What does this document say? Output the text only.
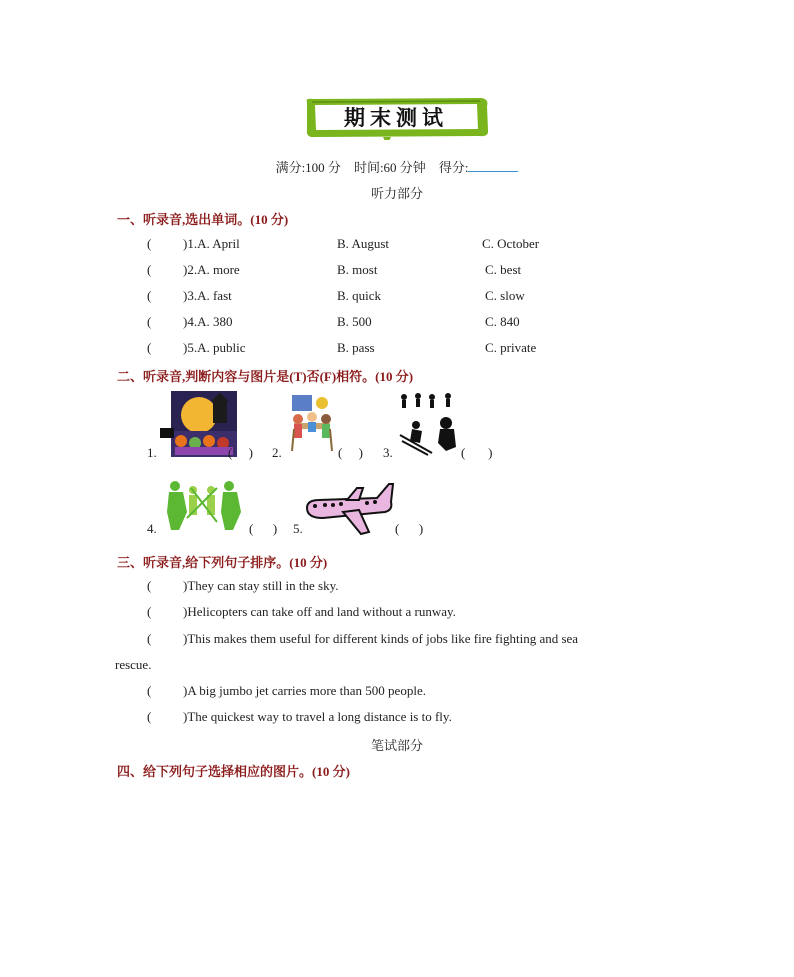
期末测试
满分:100 分 时间:60 分钟 得分:
听力部分
一、听录音,选出单词。(10 分)
( )1.A. April	B. August	C. October
( )2.A. more	B. most	C. best
( )3.A. fast	B. quick	C. slow
( )4.A. 380	B. 500	C. 840
( )5.A. public	B. pass	C. private
二、听录音,判断内容与图片是(T)否(F)相符。(10 分)
1.	( ) 2.	( ) 3.	( )
4.	( ) 5.	( )
三、听录音,给下列句子排序。(10 分)
( )They can stay still in the sky.
( )Helicopters can take off and land without a runway.
( )This makes them useful for different kinds of jobs like fire fighting and sea
rescue.
( )A big jumbo jet carries more than 500 people.
( )The quickest way to travel a long distance is to fly.
笔试部分
四、给下列句子选择相应的图片。(10 分)
